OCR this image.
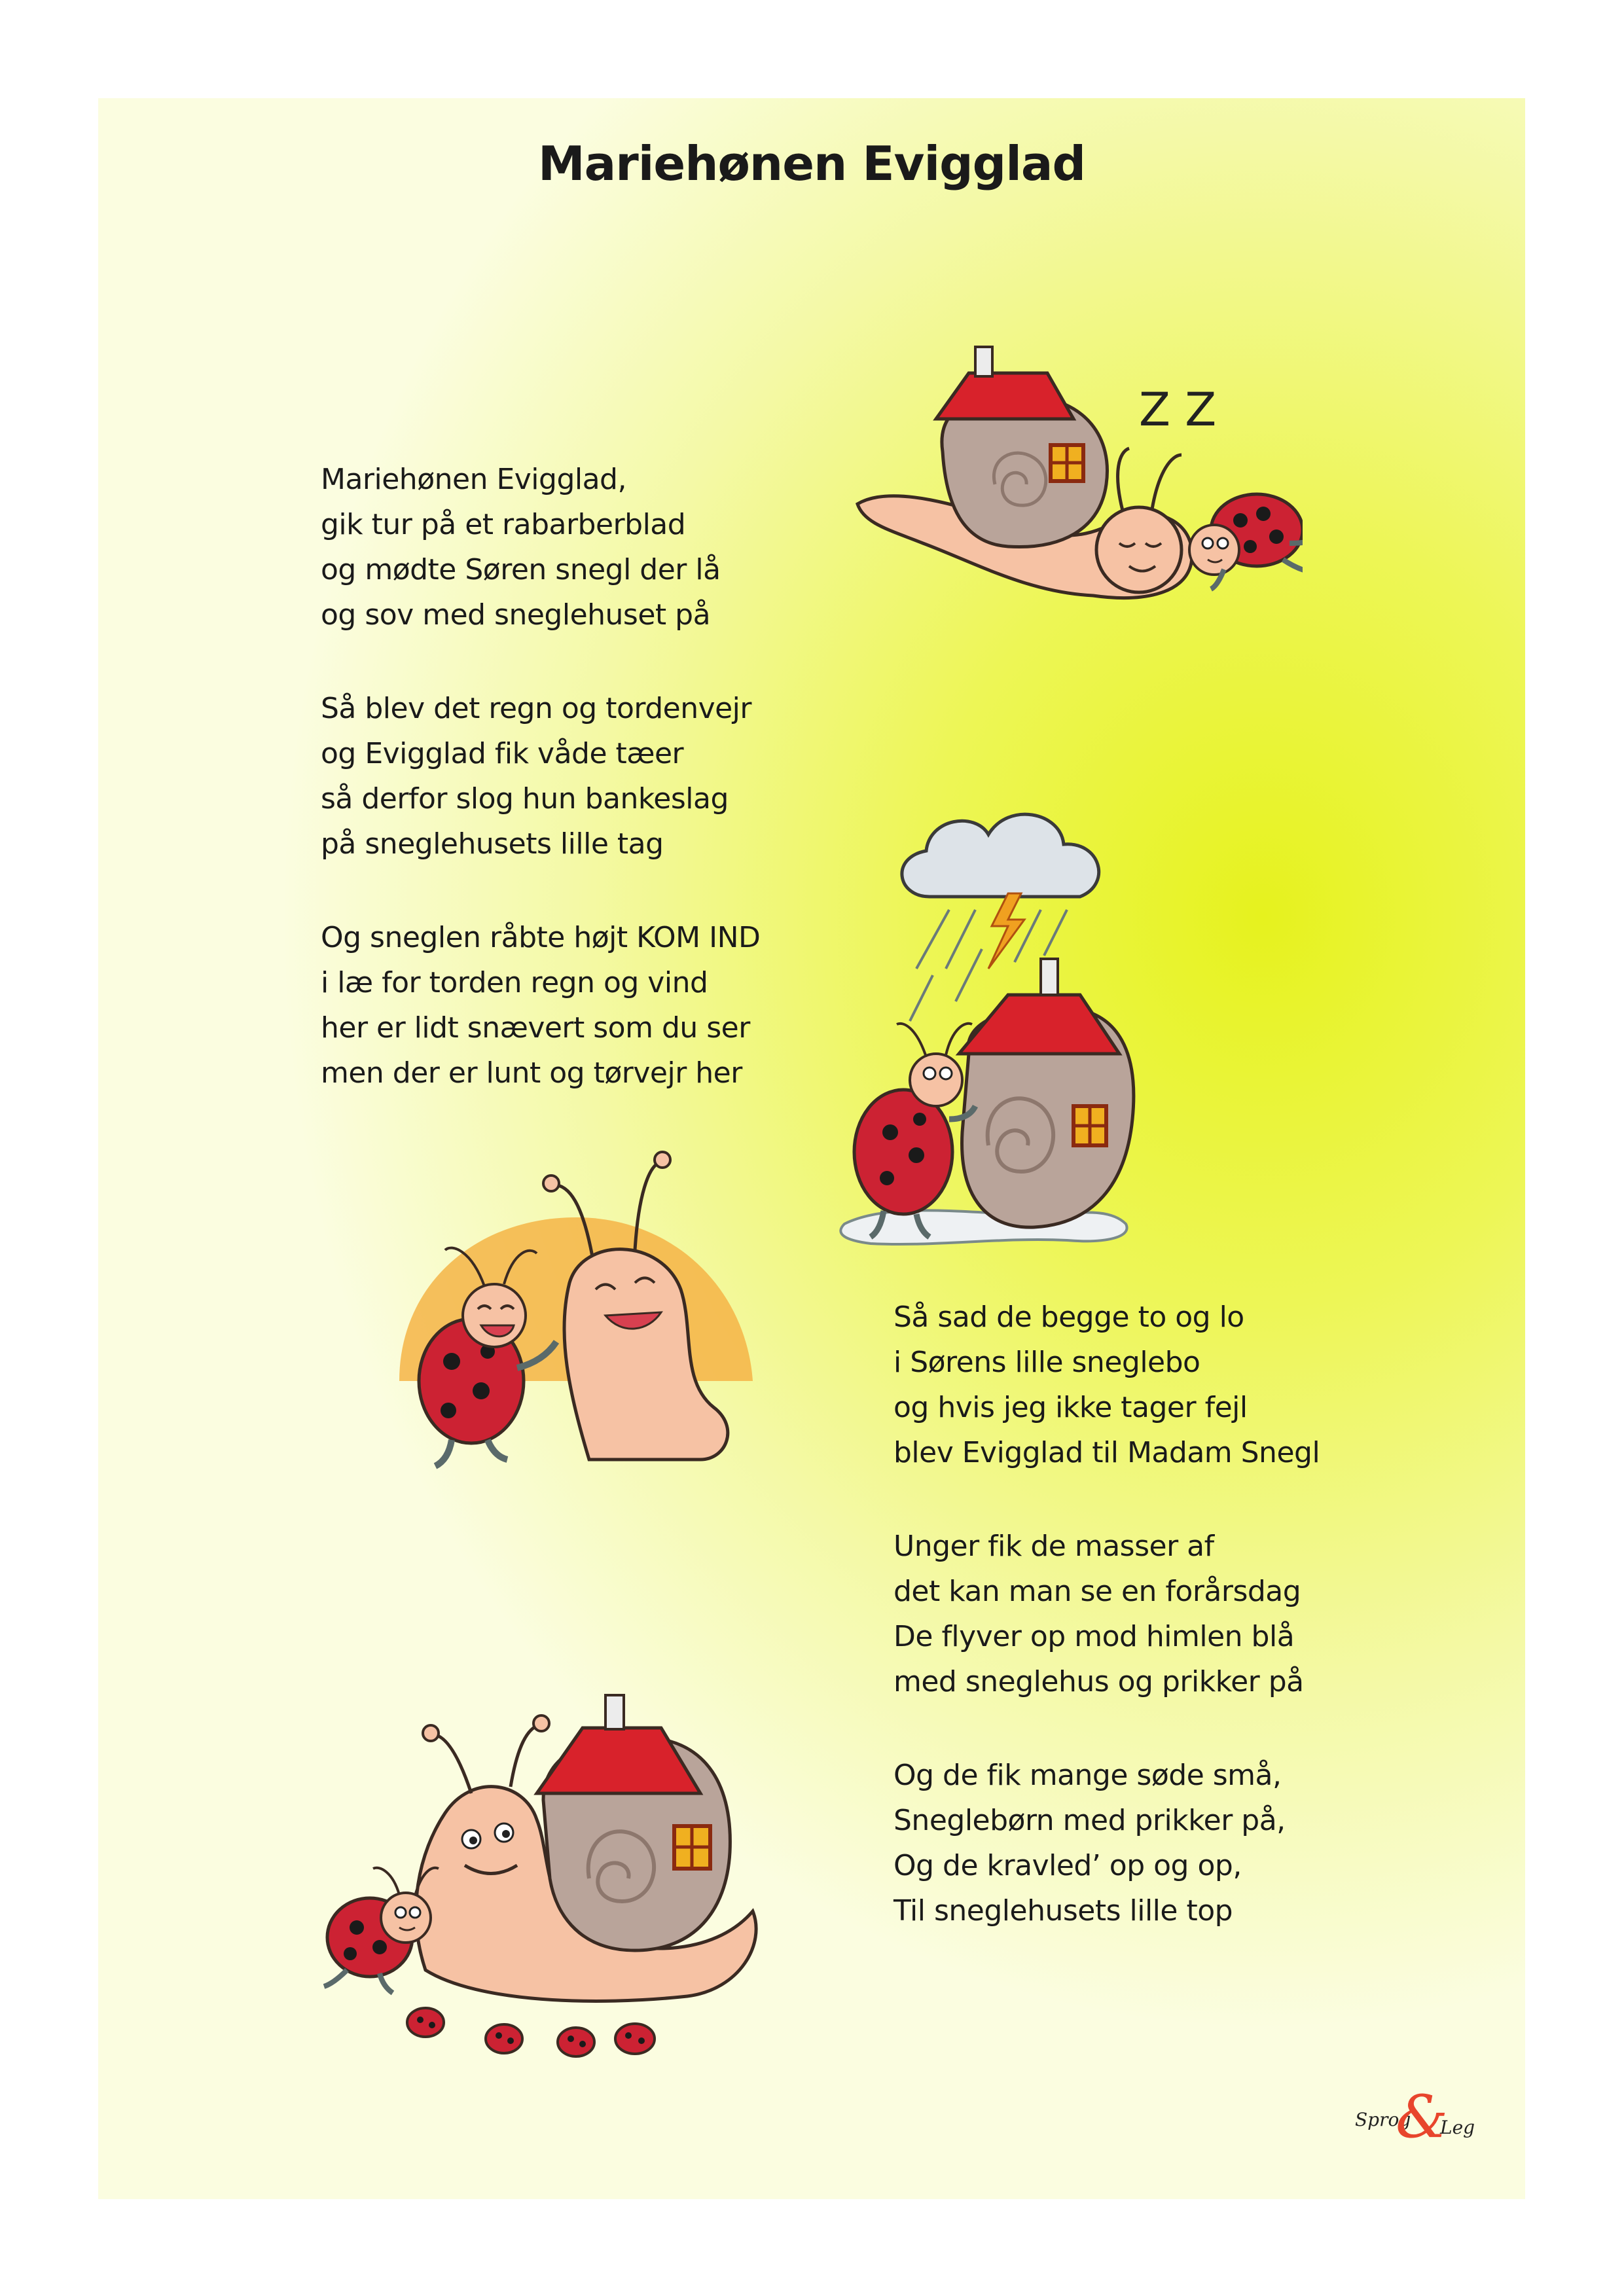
Mariehønen Evigglad
Mariehønen Evigglad,
gik tur på et rabarberblad
og mødte Søren snegl der lå
og sov med sneglehuset på
Så blev det regn og tordenvejr
og Evigglad fik våde tæer
så derfor slog hun bankeslag
på sneglehusets lille tag
Og sneglen råbte højt KOM IND
i læ for torden regn og vind
her er lidt snævert som du ser
men der er lunt og tørvejr her
Så sad de begge to og lo
i Sørens lille sneglebo
og hvis jeg ikke tager fejl
blev Evigglad til Madam Snegl
Unger fik de masser af
det kan man se en forårsdag
De flyver op mod himlen blå
med sneglehus og prikker på
Og de fik mange søde små,
Sneglebørn med prikker på,
Og de kravled’ op og op,
Til sneglehusets lille top
Z Z
Sprog
&
Leg
